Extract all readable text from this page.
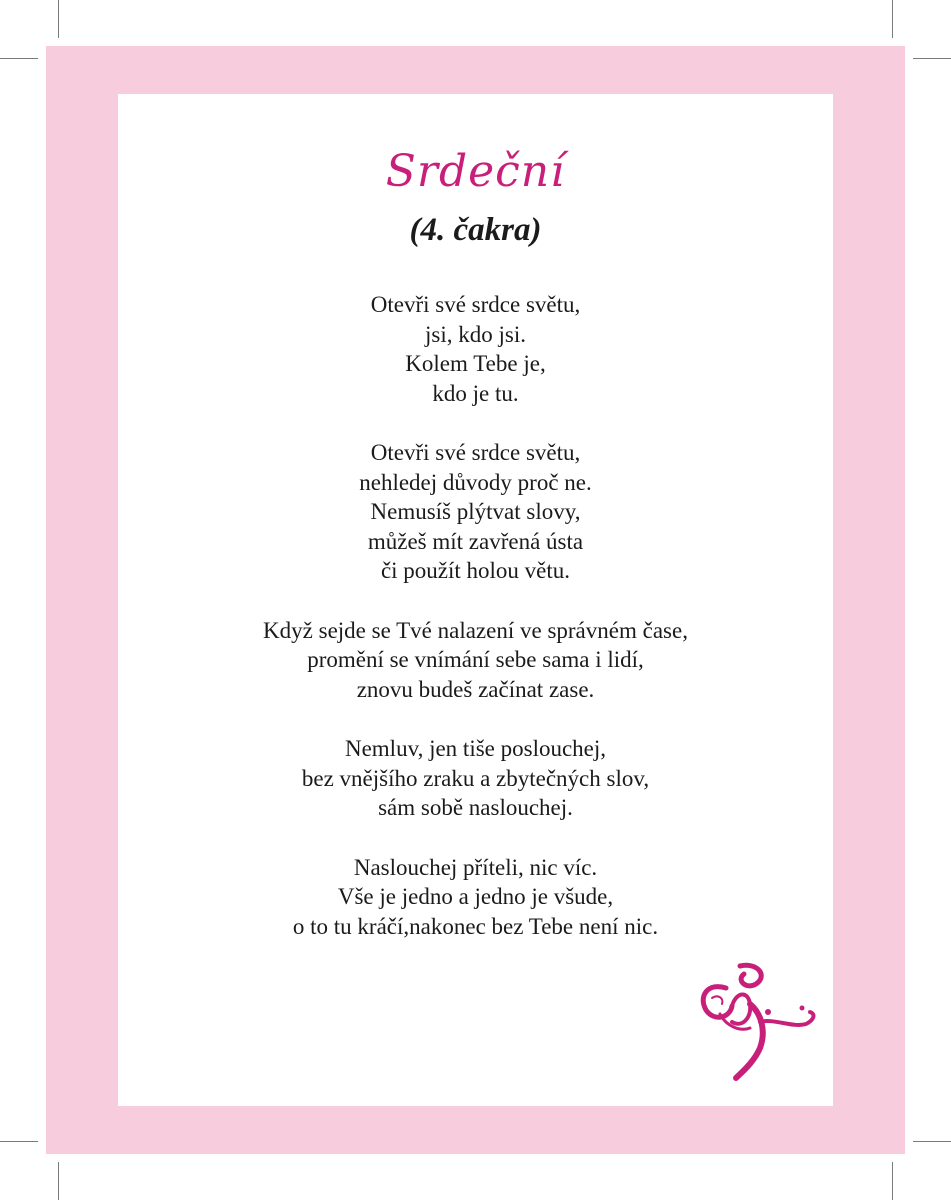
Srdeční
(4. čakra)
Otevři své srdce světu,
jsi, kdo jsi.
Kolem Tebe je,
kdo je tu.
Otevři své srdce světu,
nehledej důvody proč ne.
Nemusíš plýtvat slovy,
můžeš mít zavřená ústa
či použít holou větu.
Když sejde se Tvé nalazení ve správném čase,
promění se vnímání sebe sama i lidí,
znovu budeš začínat zase.
Nemluv, jen tiše poslouchej,
bez vnějšího zraku a zbytečných slov,
sám sobě naslouchej.
Naslouchej příteli, nic víc.
Vše je jedno a jedno je všude,
o to tu kráčí,nakonec bez Tebe není nic.
